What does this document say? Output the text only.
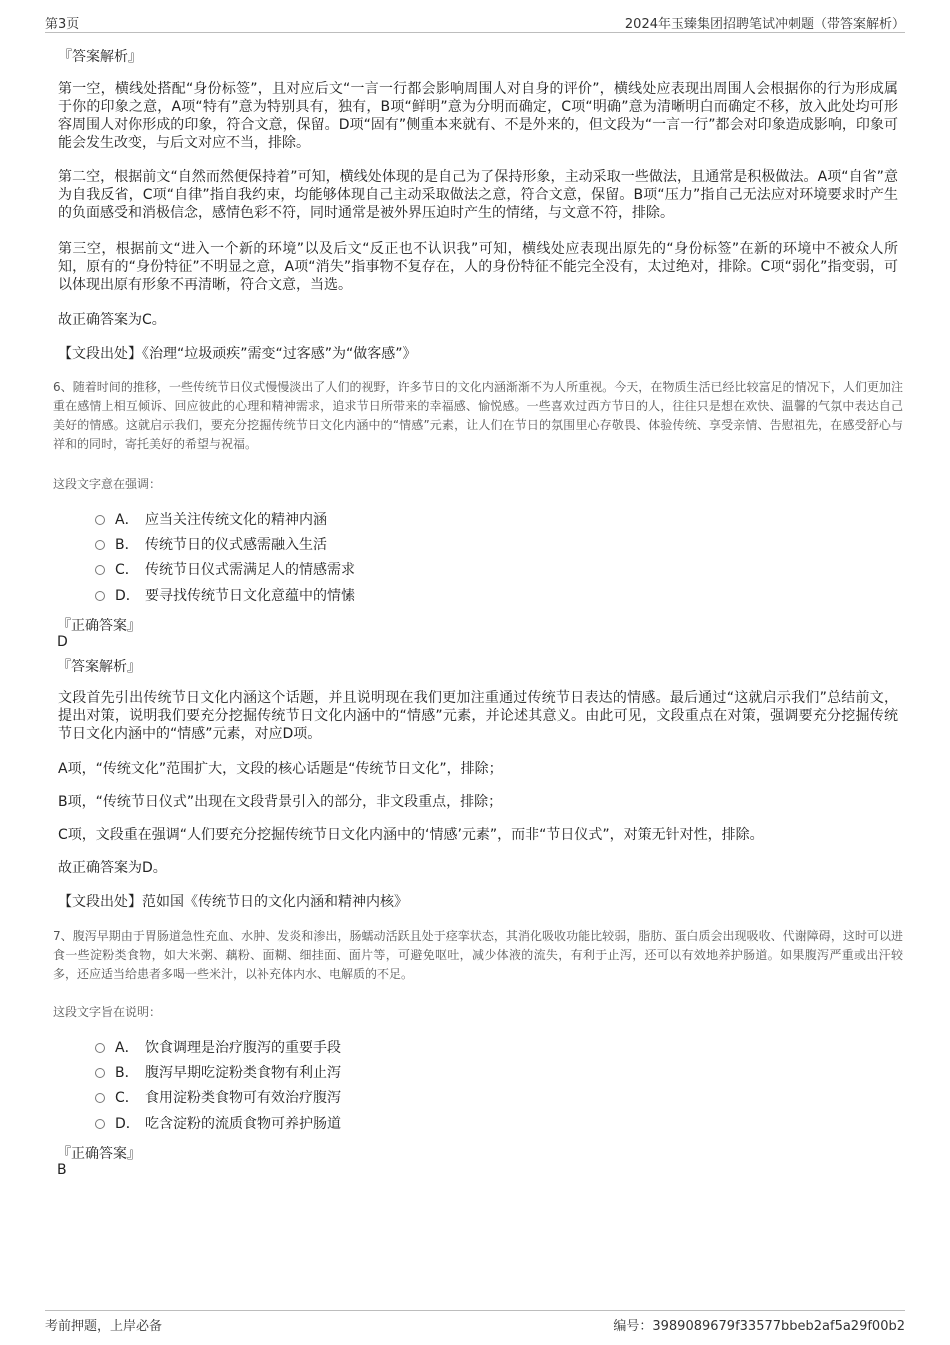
第3页	2024年玉臻集团招聘笔试冲刺题（带答案解析）
『答案解析』

第一空，横线处搭配“身份标签”，且对应后文“一言一行都会影响周围人对自身的评价”，横线处应表现出周围人会根据你的行为形成属于你的印象之意，A项“特有”意为特别具有，独有，B项“鲜明”意为分明而确定，C项“明确”意为清晰明白而确定不移，放入此处均可形容周围人对你形成的印象，符合文意，保留。D项“固有”侧重本来就有、不是外来的，但文段为“一言一行”都会对印象造成影响，印象可能会发生改变，与后文对应不当，排除。

第二空，根据前文“自然而然便保持着”可知，横线处体现的是自己为了保持形象，主动采取一些做法，且通常是积极做法。A项“自省”意为自我反省，C项“自律”指自我约束，均能够体现自己主动采取做法之意，符合文意，保留。B项“压力”指自己无法应对环境要求时产生的负面感受和消极信念，感情色彩不符，同时通常是被外界压迫时产生的情绪，与文意不符，排除。

第三空，根据前文“进入一个新的环境”以及后文“反正也不认识我”可知，横线处应表现出原先的“身份标签”在新的环境中不被众人所知，原有的“身份特征”不明显之意，A项“消失”指事物不复存在，人的身份特征不能完全没有，太过绝对，排除。C项“弱化”指变弱，可以体现出原有形象不再清晰，符合文意，当选。

故正确答案为C。

【文段出处】《治理“垃圾顽疾”需变“过客感”为“做客感”》

6、随着时间的推移，一些传统节日仪式慢慢淡出了人们的视野，许多节日的文化内涵渐渐不为人所重视。今天，在物质生活已经比较富足的情况下，人们更加注重在感情上相互倾诉、回应彼此的心理和精神需求，追求节日所带来的幸福感、愉悦感。一些喜欢过西方节日的人，往往只是想在欢快、温馨的气氛中表达自己美好的情感。这就启示我们，要充分挖掘传统节日文化内涵中的“情感”元素，让人们在节日的氛围里心存敬畏、体验传统、享受亲情、告慰祖先，在感受舒心与祥和的同时，寄托美好的希望与祝福。

这段文字意在强调：
A． 应当关注传统文化的精神内涵
B． 传统节日的仪式感需融入生活
C． 传统节日仪式需满足人的情感需求
D． 要寻找传统节日文化意蕴中的情愫
『正确答案』
D
『答案解析』

文段首先引出传统节日文化内涵这个话题，并且说明现在我们更加注重通过传统节日表达的情感。最后通过“这就启示我们”总结前文，提出对策，说明我们要充分挖掘传统节日文化内涵中的“情感”元素，并论述其意义。由此可见，文段重点在对策，强调要充分挖掘传统节日文化内涵中的“情感”元素，对应D项。

A项，“传统文化”范围扩大，文段的核心话题是“传统节日文化”，排除；

B项，“传统节日仪式”出现在文段背景引入的部分，非文段重点，排除；

C项，文段重在强调“人们要充分挖掘传统节日文化内涵中的‘情感’元素”，而非“节日仪式”，对策无针对性，排除。

故正确答案为D。

【文段出处】范如国《传统节日的文化内涵和精神内核》

7、腹泻早期由于胃肠道急性充血、水肿、发炎和渗出，肠蠕动活跃且处于痉挛状态，其消化吸收功能比较弱，脂肪、蛋白质会出现吸收、代谢障碍，这时可以进食一些淀粉类食物，如大米粥、藕粉、面糊、细挂面、面片等，可避免呕吐，减少体液的流失，有利于止泻，还可以有效地养护肠道。如果腹泻严重或出汗较多，还应适当给患者多喝一些米汁，以补充体内水、电解质的不足。

这段文字旨在说明：
A． 饮食调理是治疗腹泻的重要手段
B． 腹泻早期吃淀粉类食物有利止泻
C． 食用淀粉类食物可有效治疗腹泻
D． 吃含淀粉的流质食物可养护肠道
『正确答案』
B
考前押题，上岸必备	编号：3989089679f33577bbeb2af5a29f00b2
